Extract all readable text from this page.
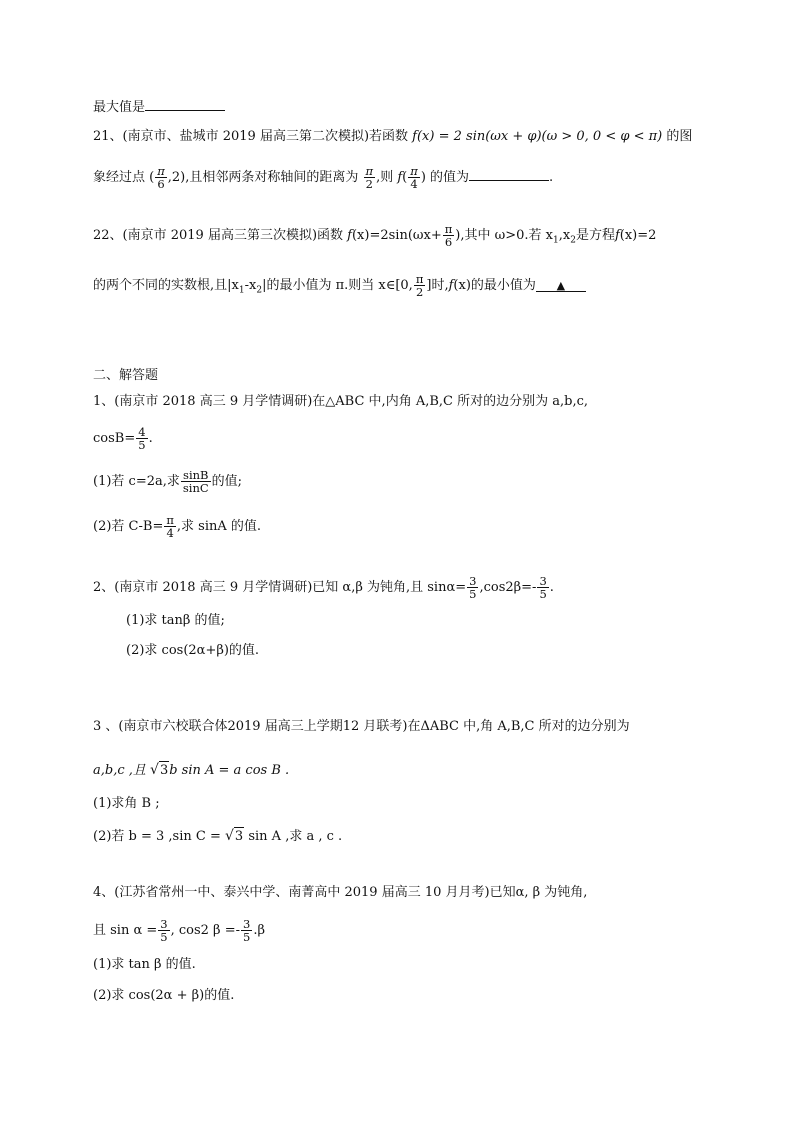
最大值是
21、(南京市、盐城市 2019 届高三第二次模拟)若函数 f(x) = 2 sin(ωx + φ)(ω > 0, 0 < φ < π) 的图
象经过点 ( $\frac{\pi}{6} ,2$),且相邻两条对称轴间的距离为 $\frac{\pi}{2}$ ,则 $f( \frac{\pi}{4}$ ) 的值为	.
22、(南京市 2019 届高三第三次模拟)函数 $f(x)=2\sin(\omega x+ \frac{\pi}{6}$ ),其中 ω>0.若 $x_1,x_2$是方程f(x)=2
的两个不同的实数根,且$|x_1-x_2|$的最小值为 π.则当 x∈[0, $\frac{\pi}{2}$ ]时,f(x)的最小值为 ▲
二、解答题
1、(南京市 2018 高三 9 月学情调研)在△ABC 中,内角 A,B,C 所对的边分别为 a,b,c,
$\cos B= \frac{4}{5}$ .
(1)若 c=2a,求 $\frac{\sin B}{\sin C}$ 的值;
(2)若 $C-B= \frac{\pi}{4}$ ,求 sinA 的值.
2、(南京市 2018 高三 9 月学情调研)已知 α,β 为钝角,且 $\sin\alpha= \frac{3}{5} ,\cos 2\beta=- \frac{3}{5}$ .
(1)求 tanβ 的值;
(2)求 cos(2α+β)的值.
3 、(南京市六校联合体2019 届高三上学期12 月联考)在ΔABC 中,角 A,B,C 所对的边分别为
a,b,c ,且 √3b sin A = a cos B .
(1)求角 B ;
(2)若 b = 3 ,sin C = √3 sin A ,求 a , c .
4、(江苏省常州一中、泰兴中学、南菁高中 2019 届高三 10 月月考)已知α, β 为钝角,
且 $\sin \alpha = \frac{3}{5}$ , cos2 $\beta =- \frac{3}{5} .\beta$
(1)求 tan β 的值.
(2)求 cos(2α + β)的值.
